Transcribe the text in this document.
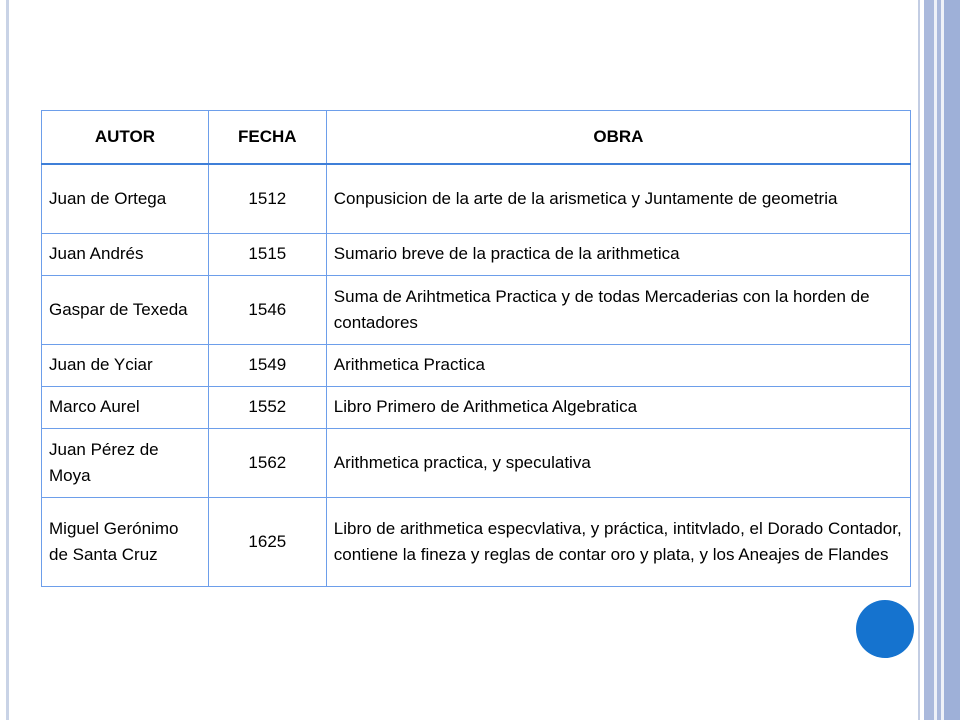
AUTOR	FECHA	OBRA
Juan de Ortega	1512	Conpusicion de la arte de la arismetica y Juntamente de geometria
Juan Andrés	1515	Sumario breve de la practica de la arithmetica
Gaspar de Texeda	1546	Suma de Arihtmetica Practica y de todas Mercaderias con la horden de contadores
Juan de Yciar	1549	Arithmetica Practica
Marco Aurel	1552	Libro Primero de Arithmetica Algebratica
Juan Pérez de Moya	1562	Arithmetica practica, y speculativa
Miguel Gerónimo de Santa Cruz	1625	Libro de arithmetica especvlativa, y práctica, intitvlado, el Dorado Contador, contiene la fineza y reglas de contar oro y plata, y los Aneajes de Flandes
